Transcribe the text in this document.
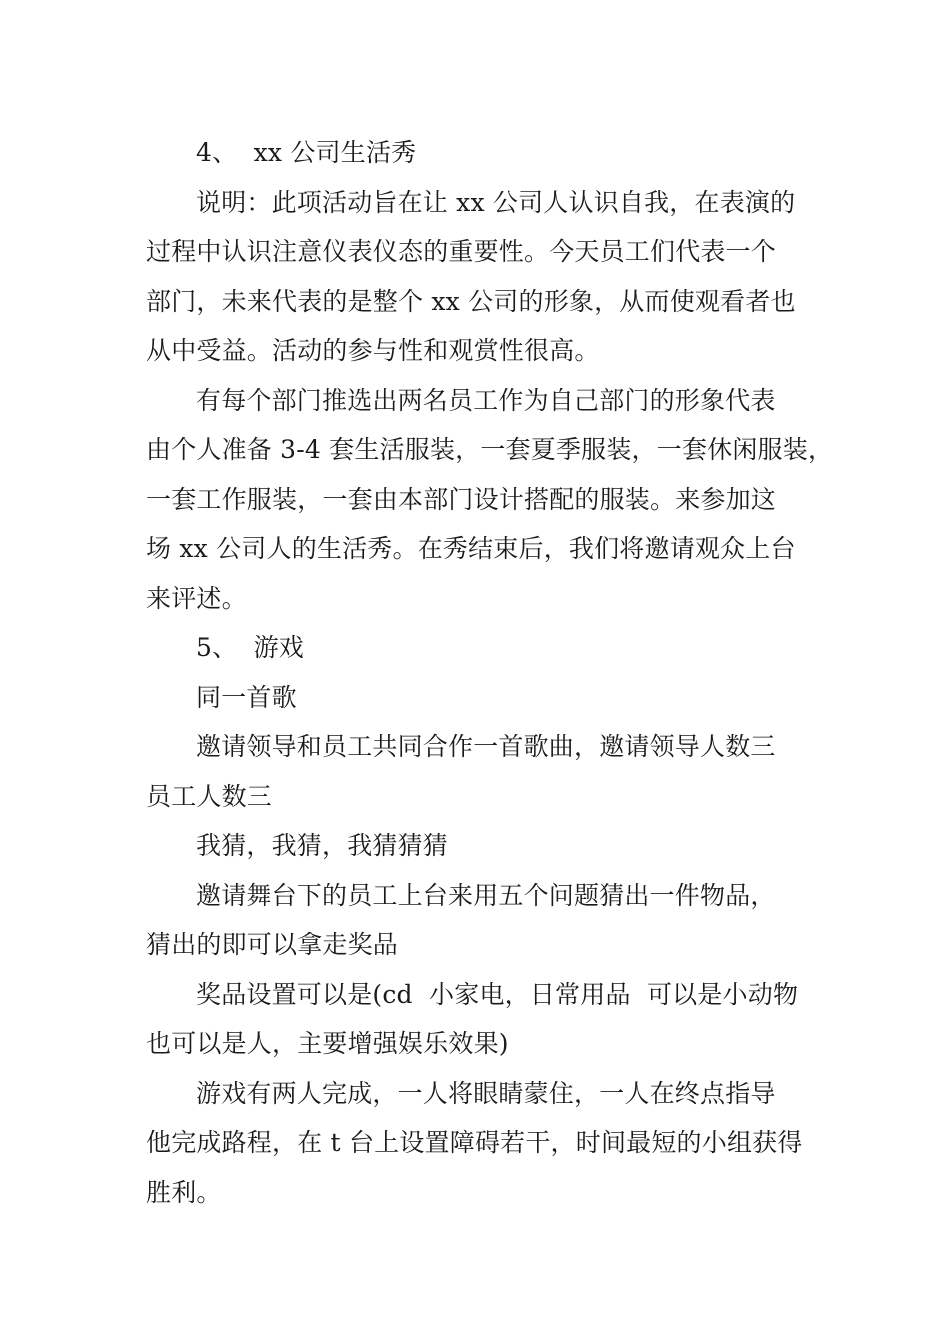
4、  xx 公司生活秀
说明：此项活动旨在让 xx 公司人认识自我，在表演的
过程中认识注意仪表仪态的重要性。今天员工们代表一个
部门，未来代表的是整个 xx 公司的形象，从而使观看者也
从中受益。活动的参与性和观赏性很高。
有每个部门推选出两名员工作为自己部门的形象代表
由个人准备 3-4 套生活服装，一套夏季服装，一套休闲服装，
一套工作服装，一套由本部门设计搭配的服装。来参加这
场 xx 公司人的生活秀。在秀结束后，我们将邀请观众上台
来评述。
5、  游戏
同一首歌
邀请领导和员工共同合作一首歌曲，邀请领导人数三
员工人数三
我猜，我猜，我猜猜猜
邀请舞台下的员工上台来用五个问题猜出一件物品，
猜出的即可以拿走奖品
奖品设置可以是(cd  小家电，日常用品  可以是小动物
也可以是人，主要增强娱乐效果)
游戏有两人完成，一人将眼睛蒙住，一人在终点指导
他完成路程，在 t 台上设置障碍若干，时间最短的小组获得
胜利。
